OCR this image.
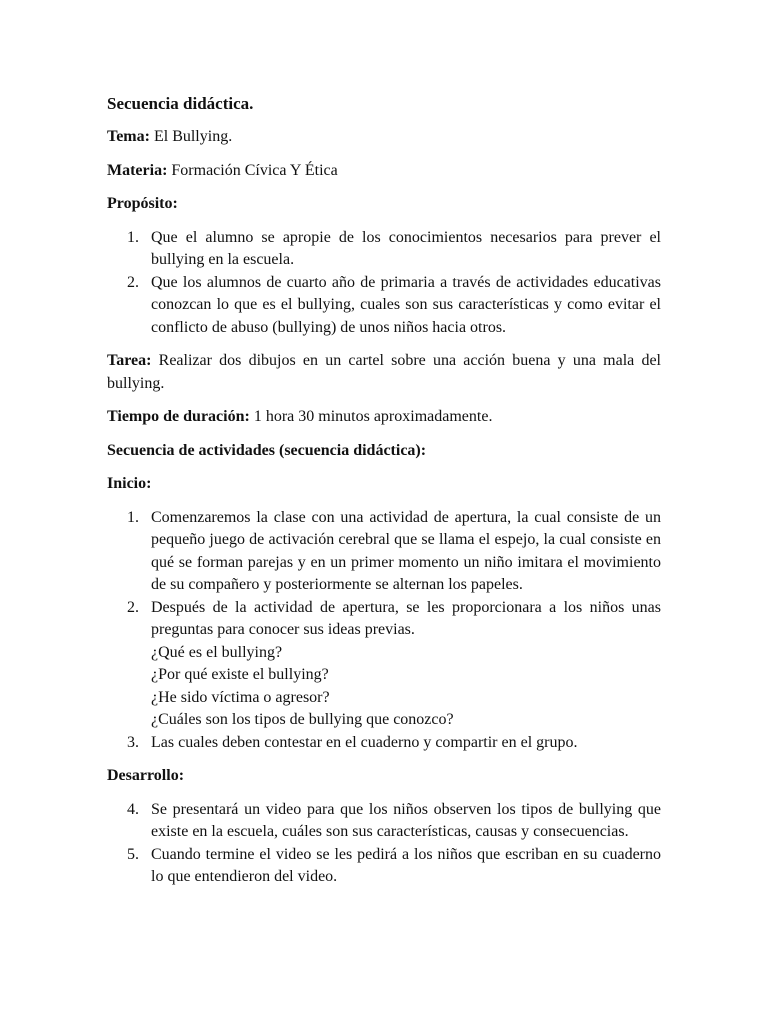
Secuencia didáctica.
Tema: El Bullying.
Materia: Formación Cívica Y Ética
Propósito:
1. Que el alumno se apropie de los conocimientos necesarios para prever el bullying en la escuela.
2. Que los alumnos de cuarto año de primaria a través de actividades educativas conozcan lo que es el bullying, cuales son sus características y como evitar el conflicto de abuso (bullying) de unos niños hacia otros.
Tarea: Realizar dos dibujos en un cartel sobre una acción buena y una mala del bullying.
Tiempo de duración: 1 hora 30 minutos aproximadamente.
Secuencia de actividades (secuencia didáctica):
Inicio:
1. Comenzaremos la clase con una actividad de apertura, la cual consiste de un pequeño juego de activación cerebral que se llama el espejo, la cual consiste en qué se forman parejas y en un primer momento un niño imitara el movimiento de su compañero y posteriormente se alternan los papeles.
2. Después de la actividad de apertura, se les proporcionara a los niños unas preguntas para conocer sus ideas previas.
¿Qué es el bullying?
¿Por qué existe el bullying?
¿He sido víctima o agresor?
¿Cuáles son los tipos de bullying que conozco?
3. Las cuales deben contestar en el cuaderno y compartir en el grupo.
Desarrollo:
4. Se presentará un video para que los niños observen los tipos de bullying que existe en la escuela, cuáles son sus características, causas y consecuencias.
5. Cuando termine el video se les pedirá a los niños que escriban en su cuaderno lo que entendieron del video.
